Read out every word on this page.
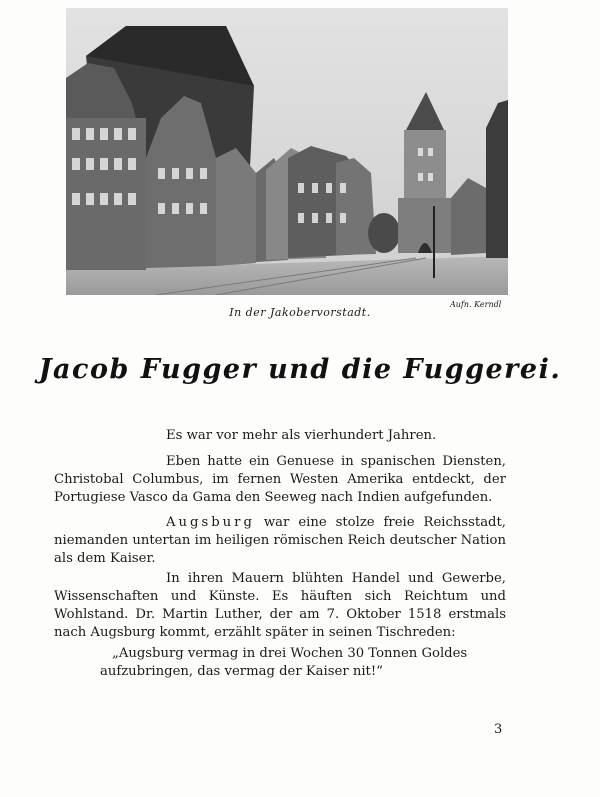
In der Jakobervorstadt.
Aufn. Kerndl
Jacob Fugger und die Fuggerei.
Es war vor mehr als vierhundert Jahren.
Eben hatte ein Genuese in spanischen Diensten, Christobal Columbus, im fernen Westen Amerika entdeckt, der Portugiese Vasco da Gama den Seeweg nach Indien aufgefunden.
Augsburg war eine stolze freie Reichsstadt, niemanden untertan im heiligen römischen Reich deutscher Nation als dem Kaiser.
In ihren Mauern blühten Handel und Gewerbe, Wissenschaften und Künste. Es häuften sich Reichtum und Wohlstand. Dr. Martin Luther, der am 7. Oktober 1518 erstmals nach Augsburg kommt, erzählt später in seinen Tischreden:
„Augsburg vermag in drei Wochen 30 Tonnen Goldes aufzubringen, das vermag der Kaiser nit!“
3
